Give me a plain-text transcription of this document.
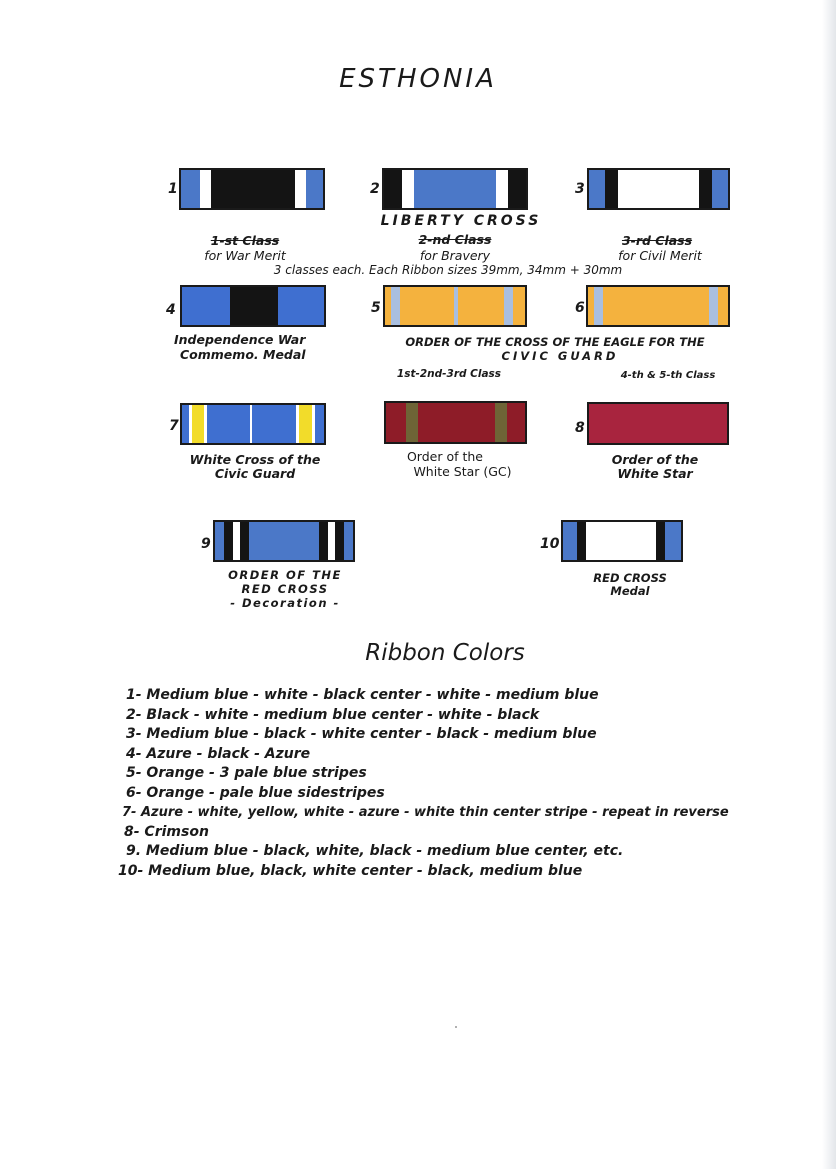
ESTHONIA
1	2	3
LIBERTY CROSS
1-st Class
for War Merit
2-nd Class
for Bravery
3-rd Class
for Civil Merit
3 classes each. Each Ribbon sizes 39mm, 34mm + 30mm
4
Independence War
Commemo. Medal
5	6
ORDER OF THE CROSS OF THE EAGLE FOR THE
CIVIC GUARD
1st-2nd-3rd Class	4-th & 5-th Class
7
White Cross of the
Civic Guard
Order of the
White Star (GC)
8
Order of the
White Star
9
ORDER OF THE
RED CROSS
- Decoration -
10
RED CROSS
Medal
Ribbon Colors
1- Medium blue - white - black center - white - medium blue
2- Black - white - medium blue center - white - black
3- Medium blue - black - white center - black - medium blue
4- Azure - black - Azure
5- Orange - 3 pale blue stripes
6- Orange - pale blue sidestripes
7- Azure - white, yellow, white - azure - white thin center stripe - repeat in reverse
8- Crimson
9. Medium blue - black, white, black - medium blue center, etc.
10- Medium blue, black, white center - black, medium blue
